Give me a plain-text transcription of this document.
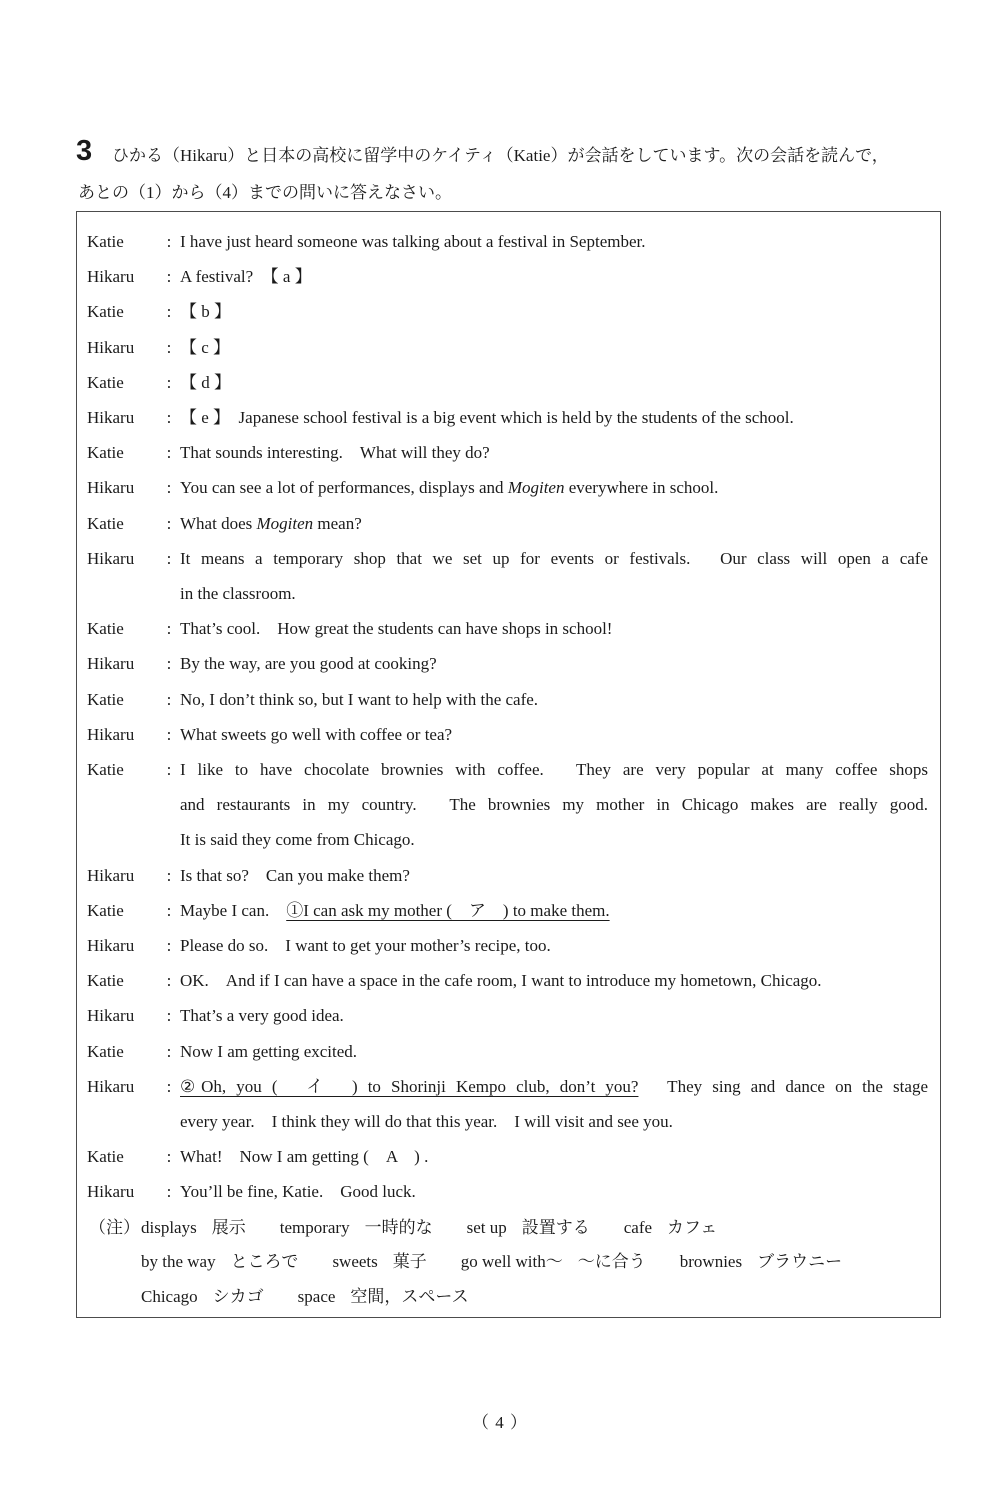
3 ひかる（Hikaru）と日本の高校に留学中のケイティ（Katie）が会話をしています。次の会話を読んで，
あとの（1）から（4）までの問いに答えなさい。
Katie	: I have just heard someone was talking about a festival in September.
Hikaru	: A festival?　【 a 】
Katie	: 【 b 】
Hikaru	: 【 c 】
Katie	: 【 d 】
Hikaru	: 【 e 】　Japanese school festival is a big event which is held by the students of the school.
Katie	: That sounds interesting.　What will they do?
Hikaru	: You can see a lot of performances, displays and Mogiten everywhere in school.
Katie	: What does Mogiten mean?
Hikaru	: It means a temporary shop that we set up for events or festivals.　Our class will open a cafe
in the classroom.
Katie	: That’s cool.　How great the students can have shops in school!
Hikaru	: By the way, are you good at cooking?
Katie	: No, I don’t think so, but I want to help with the cafe.
Hikaru	: What sweets go well with coffee or tea?
Katie	: I like to have chocolate brownies with coffee.　They are very popular at many coffee shops
and restaurants in my country.　The brownies my mother in Chicago makes are really good.
It is said they come from Chicago.
Hikaru	: Is that so?　Can you make them?
Katie	: Maybe I can.　①I can ask my mother (　ア　) to make them.
Hikaru	: Please do so.　I want to get your mother’s recipe, too.
Katie	: OK.　And if I can have a space in the cafe room, I want to introduce my hometown, Chicago.
Hikaru	: That’s a very good idea.
Katie	: Now I am getting excited.
Hikaru	: ②Oh, you (　イ　) to Shorinji Kempo club, don’t you?　They sing and dance on the stage
every year.　I think they will do that this year.　I will visit and see you.
Katie	: What!　Now I am getting (　A　) .
Hikaru	: You’ll be fine, Katie.　Good luck.
（注） displays 展示 temporary 一時的な set up 設置する cafe カフェ
by the way ところで sweets 菓子 go well with～ ～に合う brownies ブラウニー
Chicago シカゴ space 空間，スペース
（ 4 ）
